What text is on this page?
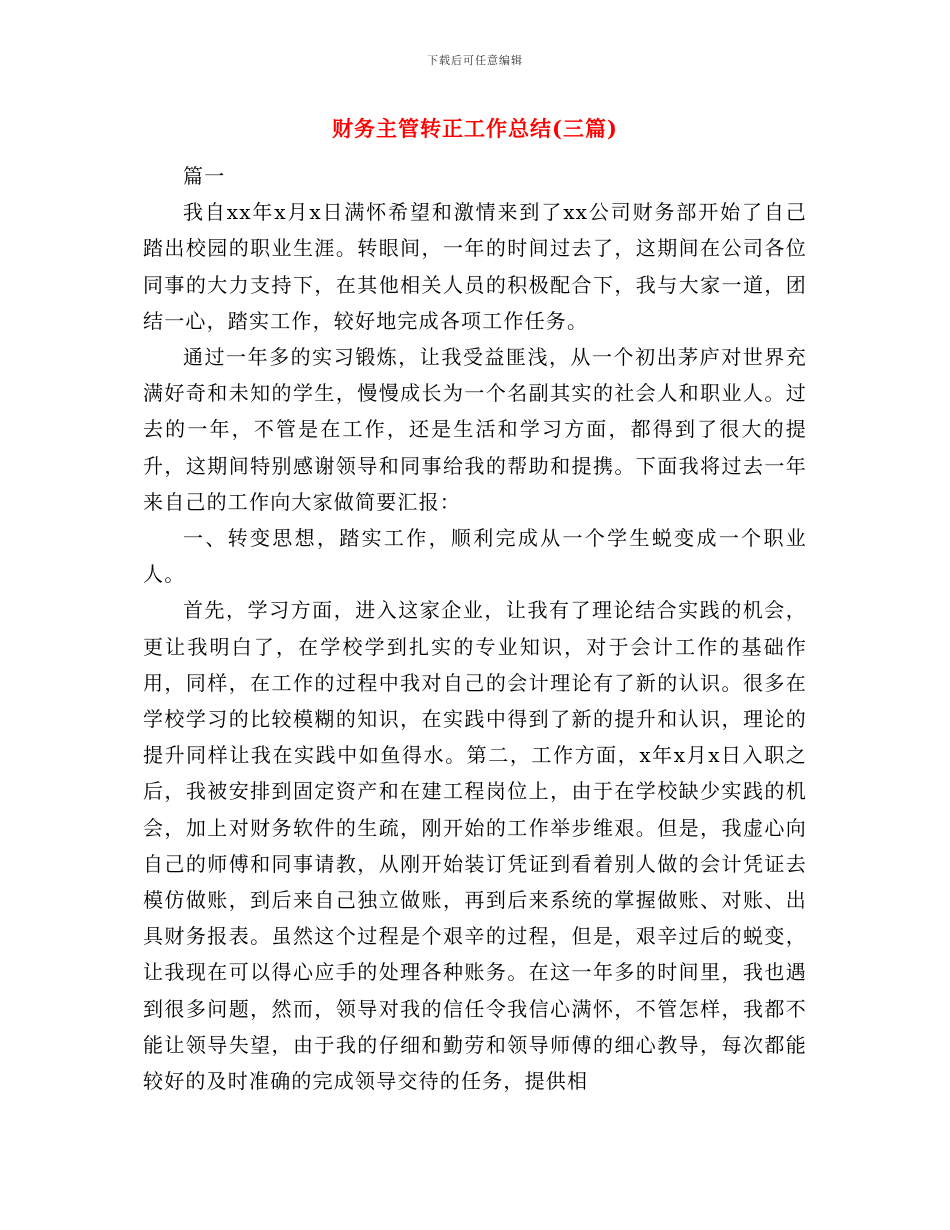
下载后可任意编辑
财务主管转正工作总结(三篇)

篇一

我自xx年x月x日满怀希望和激情来到了xx公司财务部开始了自己踏出校园的职业生涯。转眼间，一年的时间过去了，这期间在公司各位同事的大力支持下，在其他相关人员的积极配合下，我与大家一道，团结一心，踏实工作，较好地完成各项工作任务。

通过一年多的实习锻炼，让我受益匪浅，从一个初出茅庐对世界充满好奇和未知的学生，慢慢成长为一个名副其实的社会人和职业人。过去的一年，不管是在工作，还是生活和学习方面，都得到了很大的提升，这期间特别感谢领导和同事给我的帮助和提携。下面我将过去一年来自己的工作向大家做简要汇报：

一、转变思想，踏实工作，顺利完成从一个学生蜕变成一个职业人。

首先，学习方面，进入这家企业，让我有了理论结合实践的机会，更让我明白了，在学校学到扎实的专业知识，对于会计工作的基础作用，同样，在工作的过程中我对自己的会计理论有了新的认识。很多在学校学习的比较模糊的知识，在实践中得到了新的提升和认识，理论的提升同样让我在实践中如鱼得水。第二，工作方面，x年x月x日入职之后，我被安排到固定资产和在建工程岗位上，由于在学校缺少实践的机会，加上对财务软件的生疏，刚开始的工作举步维艰。但是，我虚心向自己的师傅和同事请教，从刚开始装订凭证到看着别人做的会计凭证去模仿做账，到后来自己独立做账，再到后来系统的掌握做账、对账、出具财务报表。虽然这个过程是个艰辛的过程，但是，艰辛过后的蜕变，让我现在可以得心应手的处理各种账务。在这一年多的时间里，我也遇到很多问题，然而，领导对我的信任令我信心满怀，不管怎样，我都不能让领导失望，由于我的仔细和勤劳和领导师傅的细心教导，每次都能较好的及时准确的完成领导交待的任务，提供相
